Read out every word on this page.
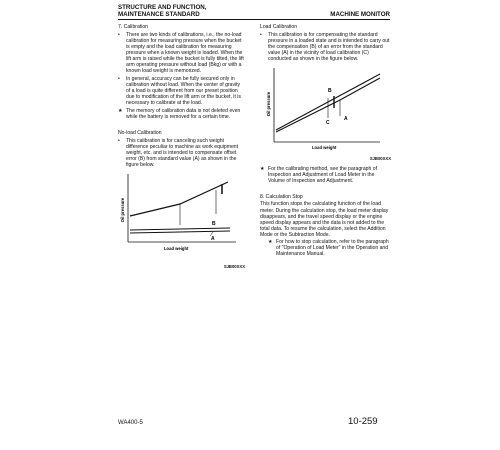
STRUCTURE AND FUNCTION,
MAINTENANCE STANDARD	MACHINE MONITOR

7. Calibration

• There are two kinds of calibrations, i.e., the no-load calibration for measuring pressure when the bucket is empty and the load calibration for measuring pressure when a known weight is loaded. When the lift arm is raised while the bucket is fully tilted, the lift arm operating pressure without load (Bkg) or with a known load weight is memorized.
• In general, accuracy can be fully secured only in calibration without load. When the center of gravity of a load is quite different from our preset position due to modification of the lift arm or the bucket, it is necessary to calibrate at the load.
★ The memory of calibration data is not deleted even while the battery is removed for a certain time.

No-load Calibration

• This calibration is for canceling such weight difference peculiar to machine as work equipment weight, etc. and is intended to compensate offset error (B) from standard value (A) as shown in the figure below.
Oil pressure
B
A
Load weight
SJB00XXX

Load Calibration

• This calibration is for compensating the standard pressure in a loaded state and is intended to carry out the compensation (B) of an error from the standard value (A) in the vicinity of load calibration (C) conducted as shown in the figure below.
Oil pressure
B
C
A
Load weight
SJB00XXX
★ For the calibrating method, see the paragraph of Inspection and Adjustment of Load Meter in the Volume of Inspection and Adjustment.

8. Calculation Stop

This function stops the calculating function of the load meter. During the calculation stop, the load meter display disappears, and the travel speed display or the engine speed display appears and the data is not added to the total data. To resume the calculation, select the Addition Mode or the Subtraction Mode.

★ For how to stop calculation, refer to the paragraph of "Operation of Load Meter" in the Operation and Maintenance Manual.
WA400-5	10-259
